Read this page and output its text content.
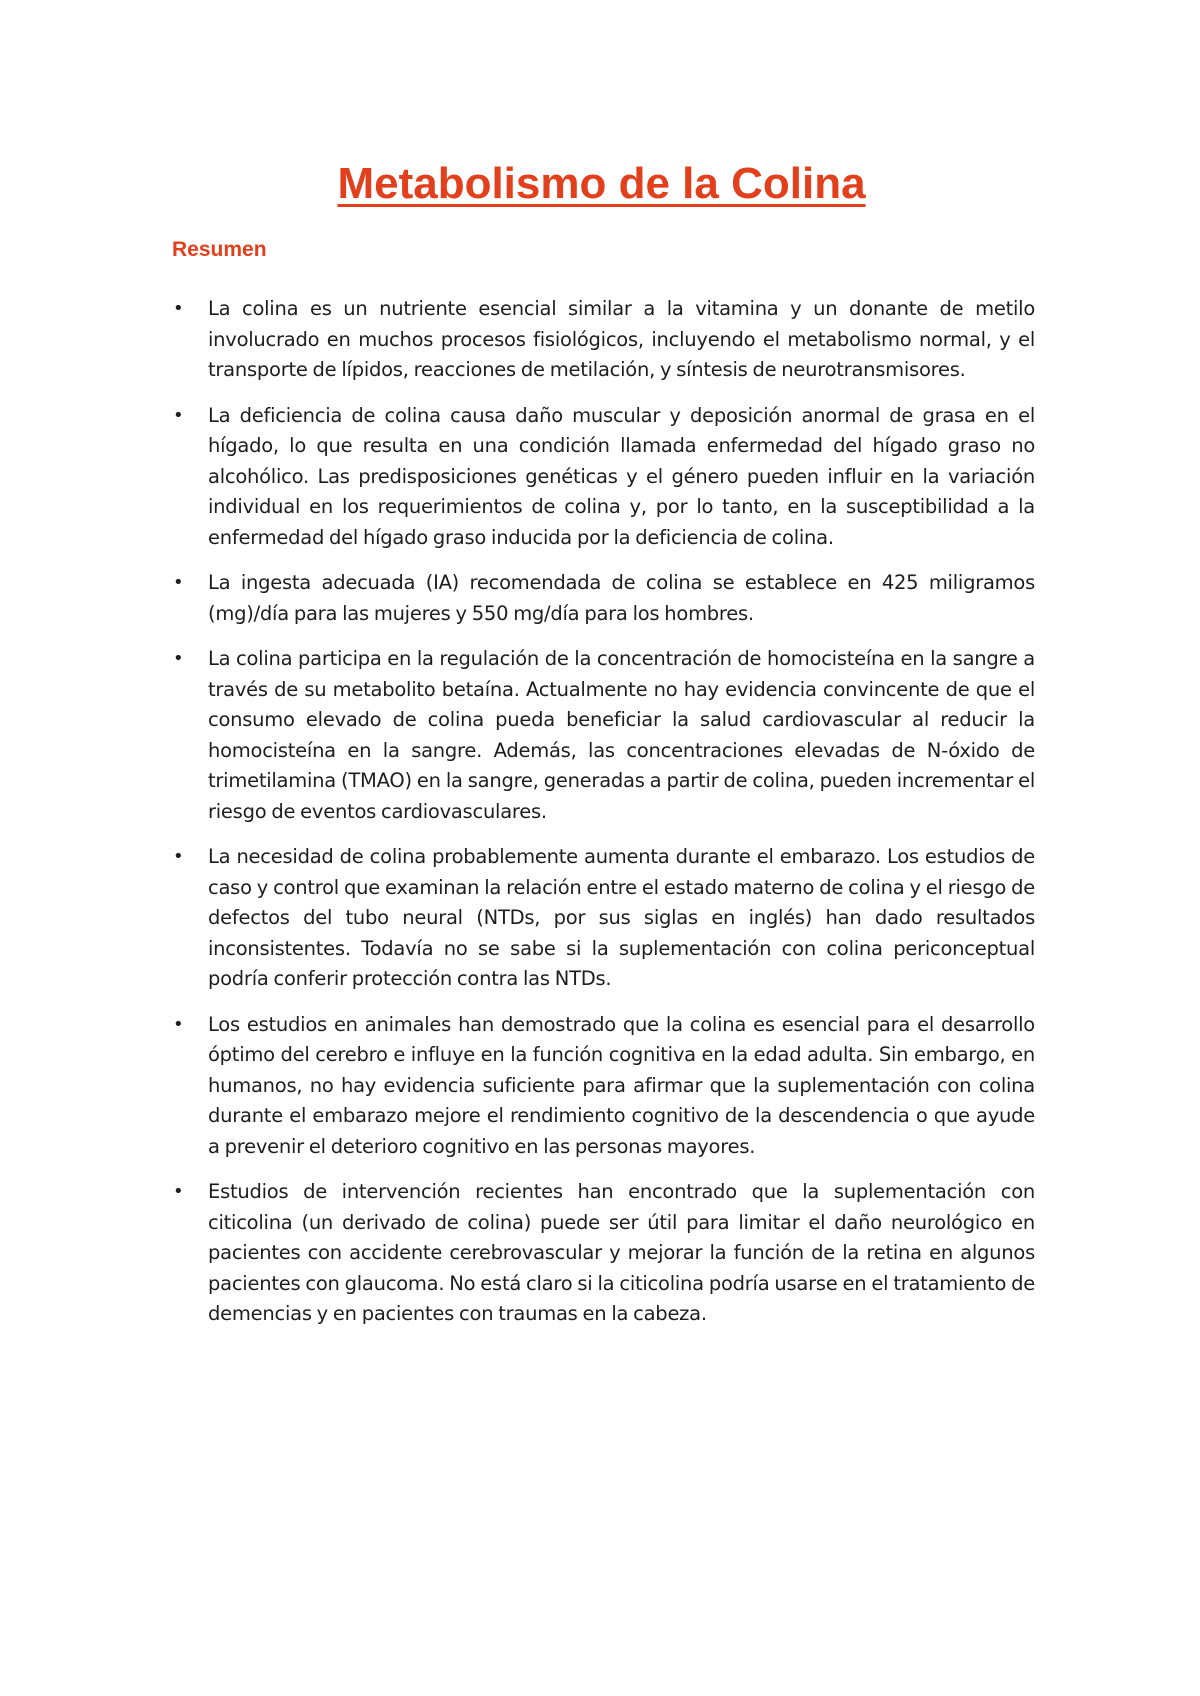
Metabolismo de la Colina
Resumen
• La colina es un nutriente esencial similar a la vitamina y un donante de metilo involucrado en muchos procesos fisiológicos, incluyendo el metabolismo normal, y el transporte de lípidos, reacciones de metilación, y síntesis de neurotransmisores.
• La deficiencia de colina causa daño muscular y deposición anormal de grasa en el hígado, lo que resulta en una condición llamada enfermedad del hígado graso no alcohólico. Las predisposiciones genéticas y el género pueden influir en la variación individual en los requerimientos de colina y, por lo tanto, en la susceptibilidad a la enfermedad del hígado graso inducida por la deficiencia de colina.
• La ingesta adecuada (IA) recomendada de colina se establece en 425 miligramos (mg)/día para las mujeres y 550 mg/día para los hombres.
• La colina participa en la regulación de la concentración de homocisteína en la sangre a través de su metabolito betaína. Actualmente no hay evidencia convincente de que el consumo elevado de colina pueda beneficiar la salud cardiovascular al reducir la homocisteína en la sangre. Además, las concentraciones elevadas de N-óxido de trimetilamina (TMAO) en la sangre, generadas a partir de colina, pueden incrementar el riesgo de eventos cardiovasculares.
• La necesidad de colina probablemente aumenta durante el embarazo. Los estudios de caso y control que examinan la relación entre el estado materno de colina y el riesgo de defectos del tubo neural (NTDs, por sus siglas en inglés) han dado resultados inconsistentes. Todavía no se sabe si la suplementación con colina periconceptual podría conferir protección contra las NTDs.
• Los estudios en animales han demostrado que la colina es esencial para el desarrollo óptimo del cerebro e influye en la función cognitiva en la edad adulta. Sin embargo, en humanos, no hay evidencia suficiente para afirmar que la suplementación con colina durante el embarazo mejore el rendimiento cognitivo de la descendencia o que ayude a prevenir el deterioro cognitivo en las personas mayores.
• Estudios de intervención recientes han encontrado que la suplementación con citicolina (un derivado de colina) puede ser útil para limitar el daño neurológico en pacientes con accidente cerebrovascular y mejorar la función de la retina en algunos pacientes con glaucoma. No está claro si la citicolina podría usarse en el tratamiento de demencias y en pacientes con traumas en la cabeza.
